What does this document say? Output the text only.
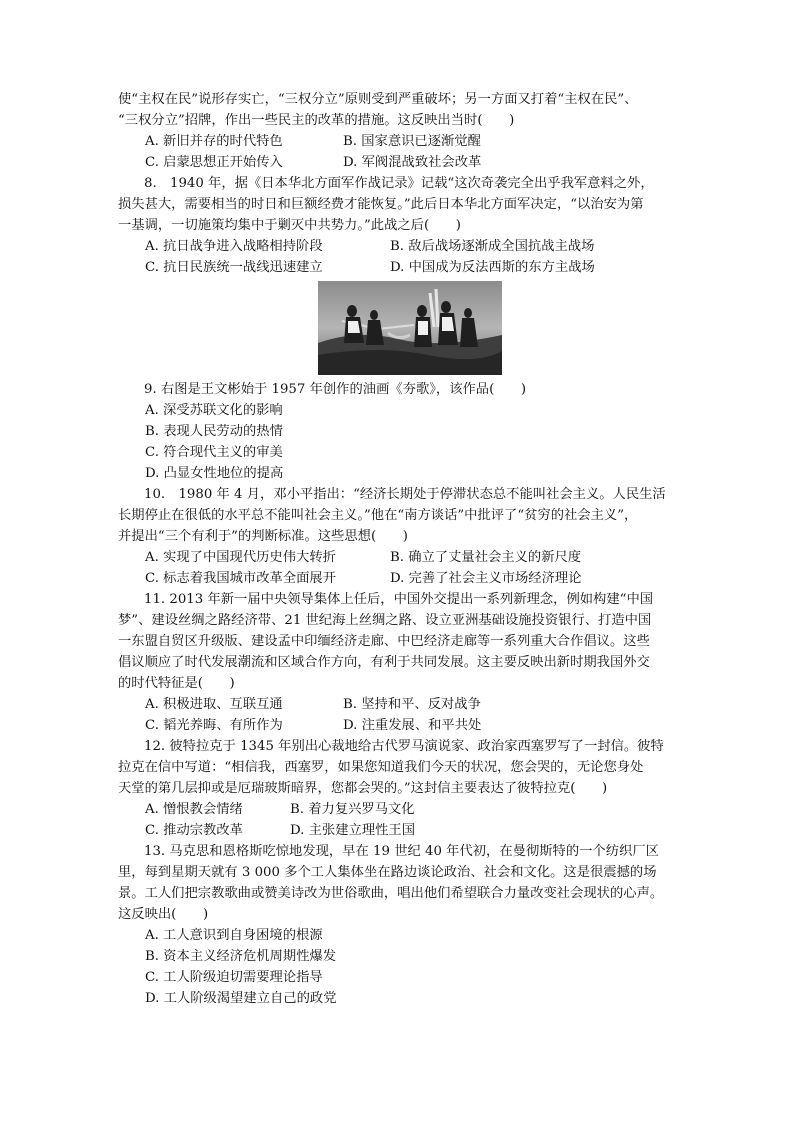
使“主权在民”说形存实亡，“三权分立”原则受到严重破坏；另一方面又打着“主权在民”、
“三权分立”招牌，作出一些民主的改革的措施。这反映出当时(　　)
A. 新旧并存的时代特色	B. 国家意识已逐渐觉醒
C. 启蒙思想正开始传入	D. 军阀混战致社会改革
8.　1940 年，据《日本华北方面军作战记录》记载“这次奇袭完全出乎我军意料之外，
损失甚大，需要相当的时日和巨额经费才能恢复。”此后日本华北方面军决定，“以治安为第
一基调，一切施策均集中于剿灭中共势力。”此战之后(　　)
A. 抗日战争进入战略相持阶段	B. 敌后战场逐渐成全国抗战主战场
C. 抗日民族统一战线迅速建立	D. 中国成为反法西斯的东方主战场
9. 右图是王文彬始于 1957 年创作的油画《夯歌》，该作品(　　)
A. 深受苏联文化的影响
B. 表现人民劳动的热情
C. 符合现代主义的审美
D. 凸显女性地位的提高
10.　1980 年 4 月，邓小平指出：“经济长期处于停滞状态总不能叫社会主义。人民生活
长期停止在很低的水平总不能叫社会主义。”他在“南方谈话”中批评了“贫穷的社会主义”，
并提出“三个有利于”的判断标准。这些思想(　　)
A. 实现了中国现代历史伟大转折	B. 确立了丈量社会主义的新尺度
C. 标志着我国城市改革全面展开	D. 完善了社会主义市场经济理论
11. 2013 年新一届中央领导集体上任后，中国外交提出一系列新理念，例如构建“中国
梦”、建设丝绸之路经济带、21 世纪海上丝绸之路、设立亚洲基础设施投资银行、打造中国
一东盟自贸区升级版、建设孟中印缅经济走廊、中巴经济走廊等一系列重大合作倡议。这些
倡议顺应了时代发展潮流和区域合作方向，有利于共同发展。这主要反映出新时期我国外交
的时代特征是(　　)
A. 积极进取、互联互通	B. 坚持和平、反对战争
C. 韬光养晦、有所作为	D. 注重发展、和平共处
12. 彼特拉克于 1345 年别出心裁地给古代罗马演说家、政治家西塞罗写了一封信。彼特
拉克在信中写道：“相信我，西塞罗，如果您知道我们今天的状况，您会哭的，无论您身处
天堂的第几层抑或是厄瑞玻斯暗界，您都会哭的。”这封信主要表达了彼特拉克(　　)
A. 憎恨教会情绪	B. 着力复兴罗马文化
C. 推动宗教改革	D. 主张建立理性王国
13. 马克思和恩格斯吃惊地发现，早在 19 世纪 40 年代初，在曼彻斯特的一个纺织厂区
里，每到星期天就有 3 000 多个工人集体坐在路边谈论政治、社会和文化。这是很震撼的场
景。工人们把宗教歌曲或赞美诗改为世俗歌曲，唱出他们希望联合力量改变社会现状的心声。
这反映出(　　)
A. 工人意识到自身困境的根源
B. 资本主义经济危机周期性爆发
C. 工人阶级迫切需要理论指导
D. 工人阶级渴望建立自己的政党
